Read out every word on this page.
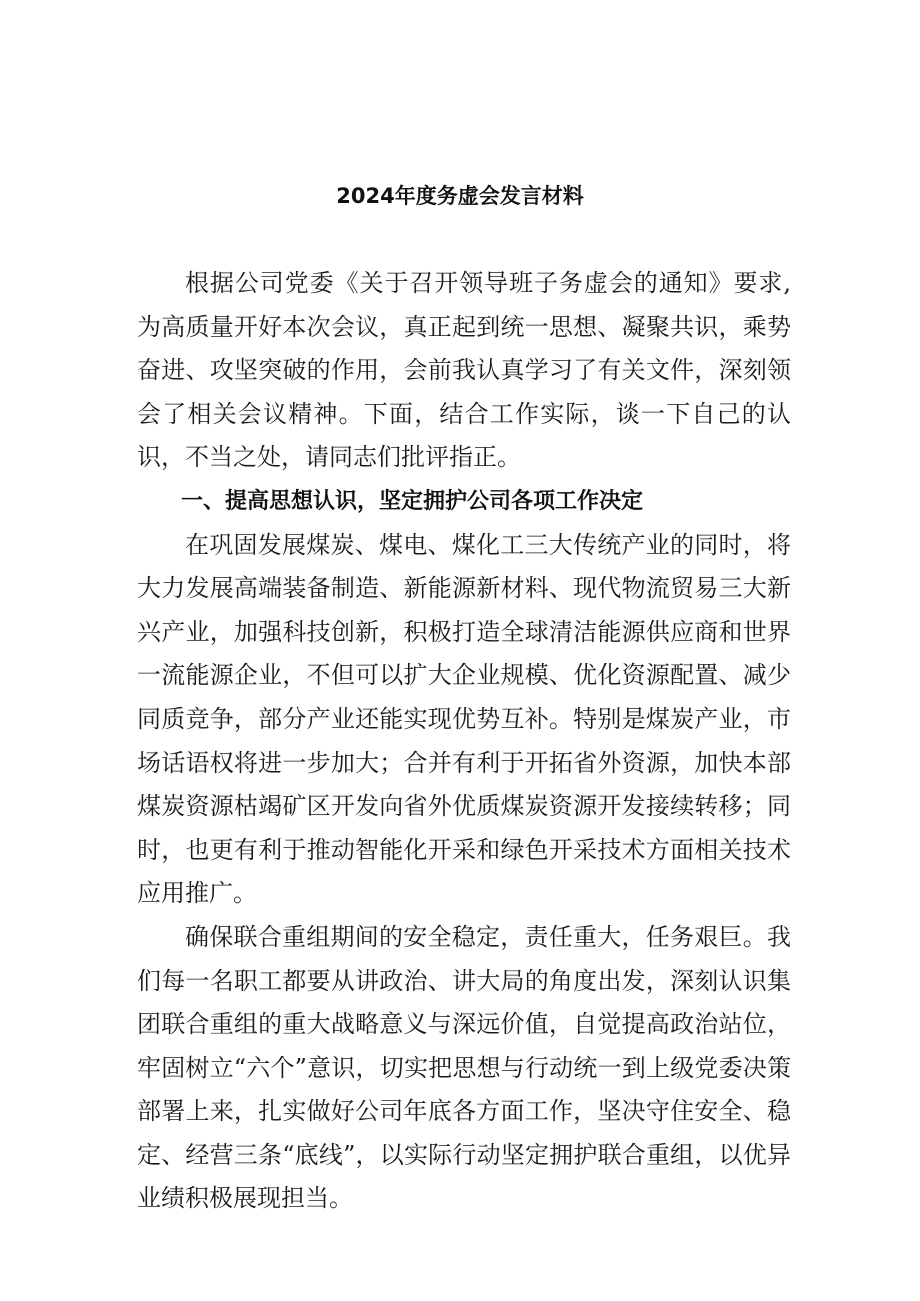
2024年度务虚会发言材料

根据公司党委《关于召开领导班子务虚会的通知》要求,为高质量开好本次会议，真正起到统一思想、凝聚共识，乘势奋进、攻坚突破的作用，会前我认真学习了有关文件，深刻领会了相关会议精神。下面，结合工作实际，谈一下自己的认识，不当之处，请同志们批评指正。

一、提高思想认识，坚定拥护公司各项工作决定

在巩固发展煤炭、煤电、煤化工三大传统产业的同时，将大力发展高端装备制造、新能源新材料、现代物流贸易三大新兴产业，加强科技创新，积极打造全球清洁能源供应商和世界一流能源企业，不但可以扩大企业规模、优化资源配置、减少同质竞争，部分产业还能实现优势互补。特别是煤炭产业，市场话语权将进一步加大；合并有利于开拓省外资源，加快本部煤炭资源枯竭矿区开发向省外优质煤炭资源开发接续转移；同时，也更有利于推动智能化开采和绿色开采技术方面相关技术应用推广。

确保联合重组期间的安全稳定，责任重大，任务艰巨。我们每一名职工都要从讲政治、讲大局的角度出发，深刻认识集团联合重组的重大战略意义与深远价值，自觉提高政治站位，牢固树立“六个”意识，切实把思想与行动统一到上级党委决策部署上来，扎实做好公司年底各方面工作，坚决守住安全、稳定、经营三条“底线”，以实际行动坚定拥护联合重组，以优异业绩积极展现担当。
